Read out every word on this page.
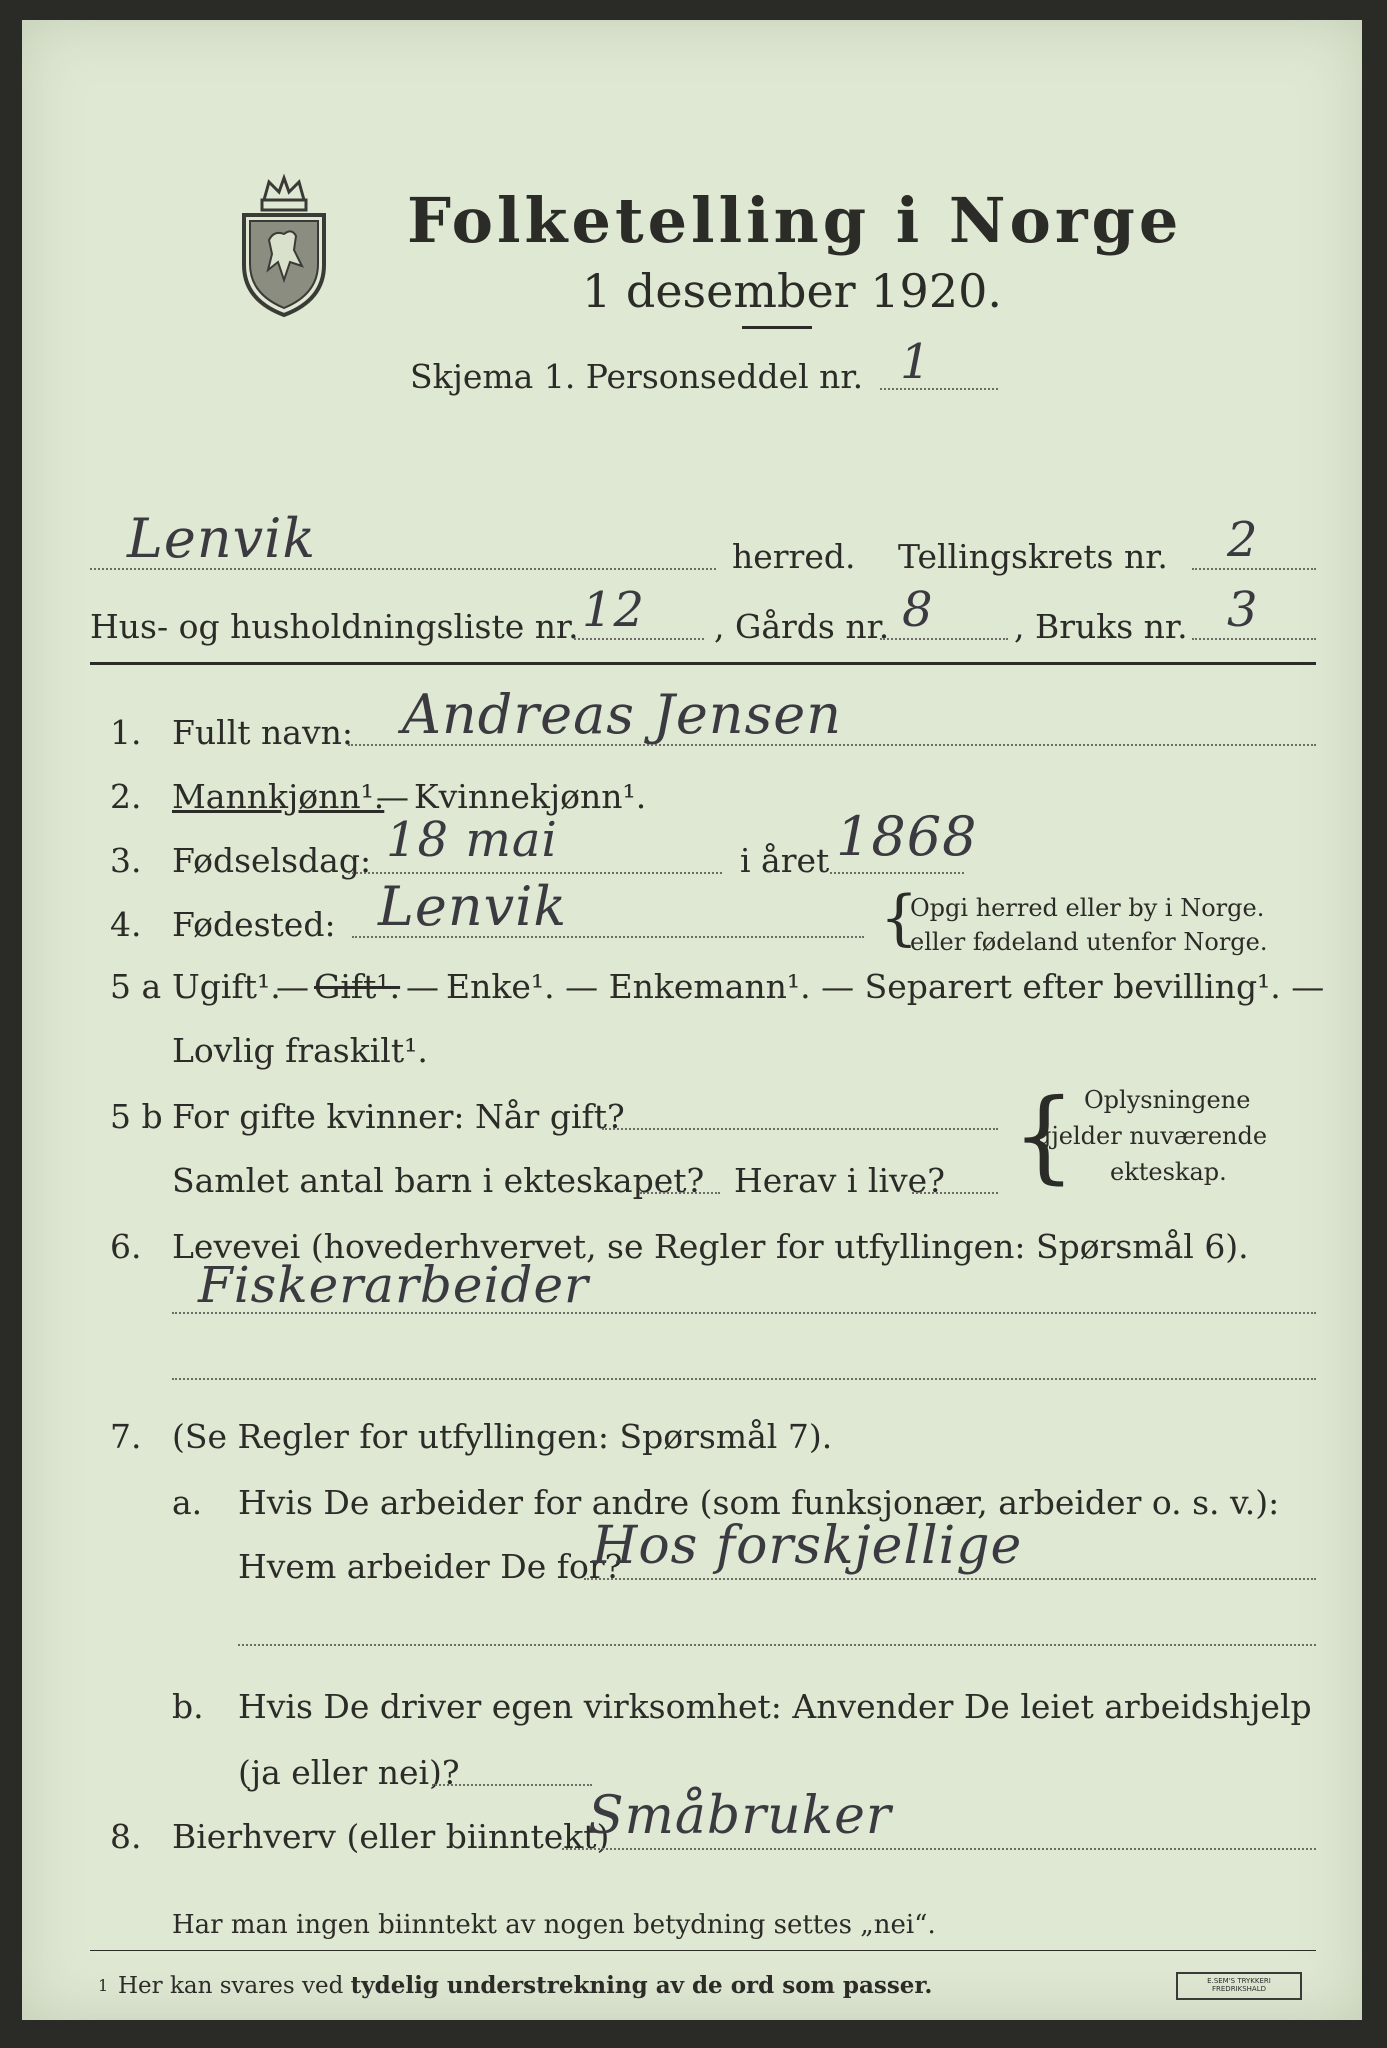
Folketelling i Norge
1 desember 1920.
Skjema 1. Personseddel nr. 1
Lenvik	herred. Tellingskrets nr. 2
Hus- og husholdningsliste nr. 12 , Gårds nr. 8 , Bruks nr. 3
1. Fullt navn: Andreas Jensen
2. Mannkjønn¹.
— Kvinnekjønn¹.
3. Fødselsdag: 18 mai	i året 1868
4. Fødested: Lenvik	{
Opgi herred eller by i Norge.
eller fødeland utenfor Norge.
5 a Ugift¹.
— Gift¹. — Enke¹. — Enkemann¹. — Separert efter bevilling¹. —
Lovlig fraskilt¹.
5 b For gifte kvinner: Når gift?
Samlet antal barn i ekteskapet? Herav i live? { Oplysningene
gjelder nuværende
ekteskap.
6. Levevei (hovederhvervet, se Regler for utfyllingen: Spørsmål 6).
Fiskerarbeider
7. (Se Regler for utfyllingen: Spørsmål 7).
a. Hvis De arbeider for andre (som funksjonær, arbeider o. s. v.):
Hvem arbeider De for?
Hos forskjellige
b. Hvis De driver egen virksomhet: Anvender De leiet arbeidshjelp
(ja eller nei)?
8. Bierhverv (eller biinntekt)
Småbruker
Har man ingen biinntekt av nogen betydning settes „nei“.
1 Her kan svares ved tydelig understrekning av de ord som passer.	E.SEM'S TRYKKERI FREDRIKSHALD
